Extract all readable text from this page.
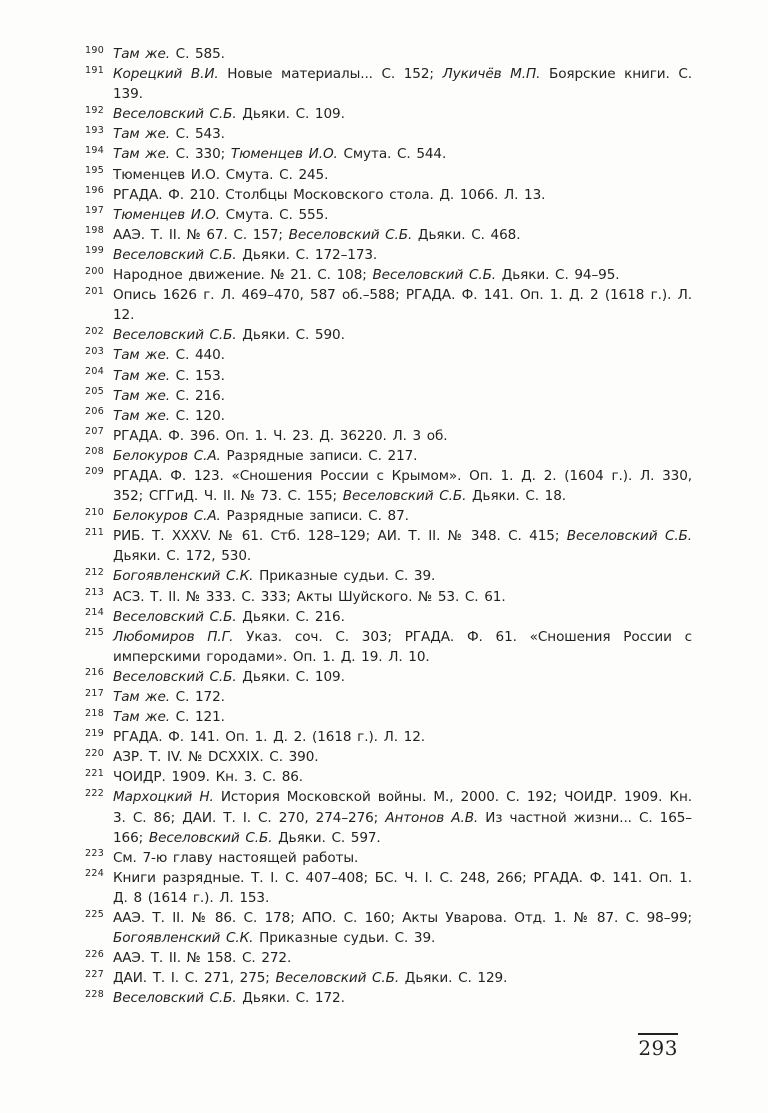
190 Там же. С. 585.
191 Корецкий В.И. Новые материалы... С. 152; Лукичёв М.П. Боярские книги. С. 139.
192 Веселовский С.Б. Дьяки. С. 109.
193 Там же. С. 543.
194 Там же. С. 330; Тюменцев И.О. Смута. С. 544.
195 Тюменцев И.О. Смута. С. 245.
196 РГАДА. Ф. 210. Столбцы Московского стола. Д. 1066. Л. 13.
197 Тюменцев И.О. Смута. С. 555.
198 ААЭ. Т. II. № 67. С. 157; Веселовский С.Б. Дьяки. С. 468.
199 Веселовский С.Б. Дьяки. С. 172–173.
200 Народное движение. № 21. С. 108; Веселовский С.Б. Дьяки. С. 94–95.
201 Опись 1626 г. Л. 469–470, 587 об.–588; РГАДА. Ф. 141. Оп. 1. Д. 2 (1618 г.). Л. 12.
202 Веселовский С.Б. Дьяки. С. 590.
203 Там же. С. 440.
204 Там же. С. 153.
205 Там же. С. 216.
206 Там же. С. 120.
207 РГАДА. Ф. 396. Оп. 1. Ч. 23. Д. 36220. Л. 3 об.
208 Белокуров С.А. Разрядные записи. С. 217.
209 РГАДА. Ф. 123. «Сношения России с Крымом». Оп. 1. Д. 2. (1604 г.). Л. 330, 352; СГГиД. Ч. II. № 73. С. 155; Веселовский С.Б. Дьяки. С. 18.
210 Белокуров С.А. Разрядные записи. С. 87.
211 РИБ. Т. XXXV. № 61. Стб. 128–129; АИ. Т. II. № 348. С. 415; Веселовский С.Б. Дьяки. С. 172, 530.
212 Богоявленский С.К. Приказные судьи. С. 39.
213 АСЗ. Т. II. № 333. С. 333; Акты Шуйского. № 53. С. 61.
214 Веселовский С.Б. Дьяки. С. 216.
215 Любомиров П.Г. Указ. соч. С. 303; РГАДА. Ф. 61. «Сношения России с имперскими городами». Оп. 1. Д. 19. Л. 10.
216 Веселовский С.Б. Дьяки. С. 109.
217 Там же. С. 172.
218 Там же. С. 121.
219 РГАДА. Ф. 141. Оп. 1. Д. 2. (1618 г.). Л. 12.
220 АЗР. Т. IV. № DCXXIX. С. 390.
221 ЧОИДР. 1909. Кн. 3. С. 86.
222 Мархоцкий Н. История Московской войны. М., 2000. С. 192; ЧОИДР. 1909. Кн. 3. С. 86; ДАИ. Т. I. С. 270, 274–276; Антонов А.В. Из частной жизни... С. 165–166; Веселовский С.Б. Дьяки. С. 597.
223 См. 7-ю главу настоящей работы.
224 Книги разрядные. Т. I. С. 407–408; БС. Ч. I. С. 248, 266; РГАДА. Ф. 141. Оп. 1. Д. 8 (1614 г.). Л. 153.
225 ААЭ. Т. II. № 86. С. 178; АПО. С. 160; Акты Уварова. Отд. 1. № 87. С. 98–99; Богоявленский С.К. Приказные судьи. С. 39.
226 ААЭ. Т. II. № 158. С. 272.
227 ДАИ. Т. I. С. 271, 275; Веселовский С.Б. Дьяки. С. 129.
228 Веселовский С.Б. Дьяки. С. 172.
293
